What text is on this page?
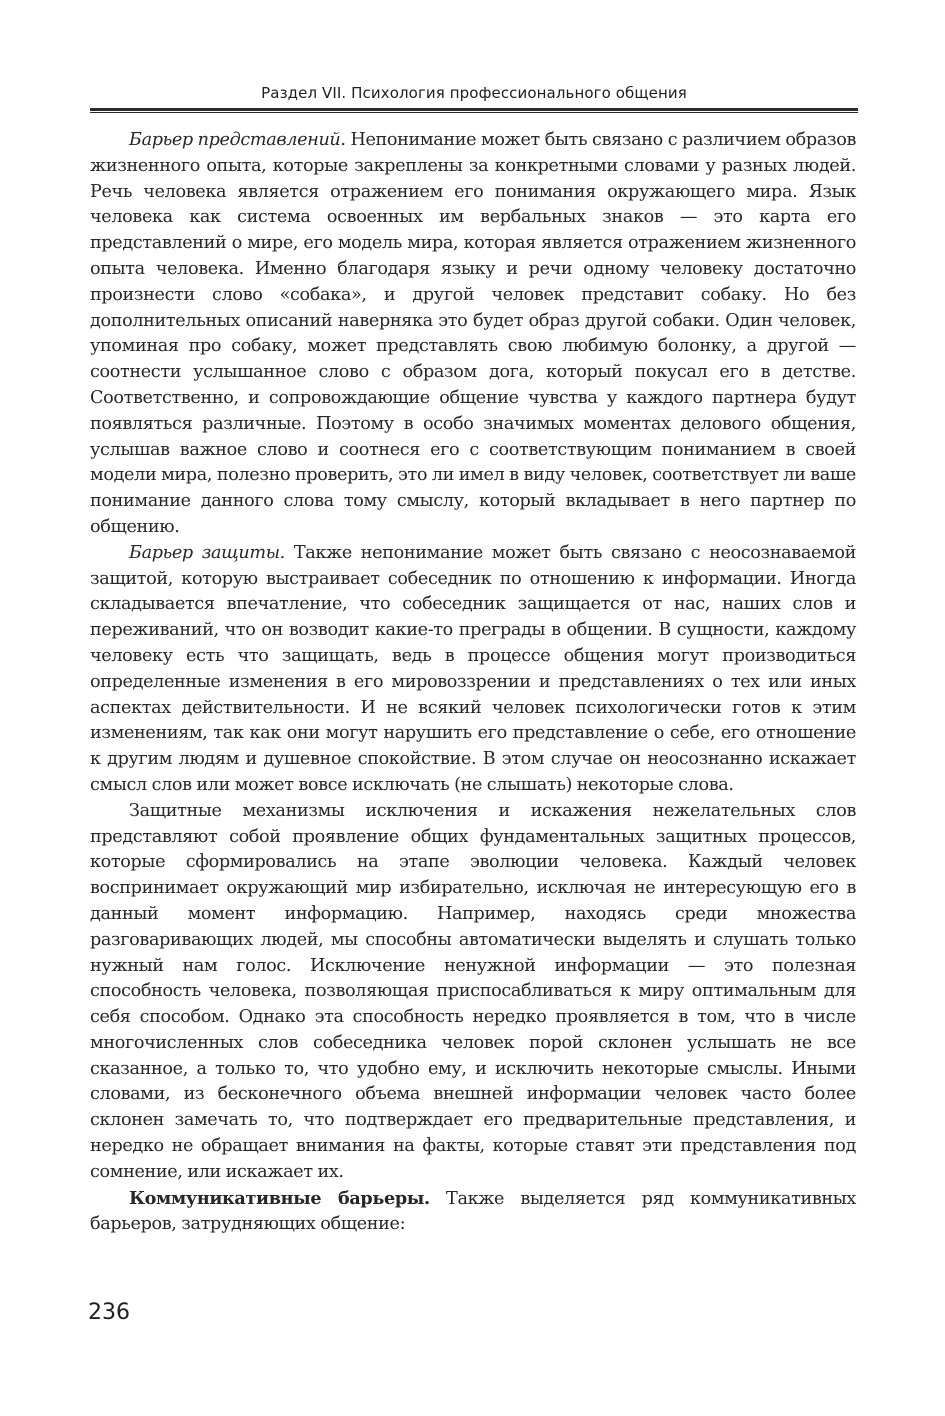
Раздел VII. Психология профессионального общения

Барьер представлений. Непонимание может быть связано с различием образов жизненного опыта, которые закреплены за конкретными словами у разных людей. Речь человека является отражением его понимания окружающего мира. Язык человека как система освоенных им вербальных знаков — это карта его представлений о мире, его модель мира, которая является отражением жизненного опыта человека. Именно благодаря языку и речи одному человеку достаточно произнести слово «собака», и другой человек представит собаку. Но без дополнительных описаний наверняка это будет образ другой собаки. Один человек, упоминая про собаку, может представлять свою любимую болонку, а другой — соотнести услышанное слово с образом дога, который покусал его в детстве. Соответственно, и сопровождающие общение чувства у каждого партнера будут появляться различные. Поэтому в особо значимых моментах делового общения, услышав важное слово и соотнеся его с соответствующим пониманием в своей модели мира, полезно проверить, это ли имел в виду человек, соответствует ли ваше понимание данного слова тому смыслу, который вкладывает в него партнер по общению.

Барьер защиты. Также непонимание может быть связано с неосознаваемой защитой, которую выстраивает собеседник по отношению к информации. Иногда складывается впечатление, что собеседник защищается от нас, наших слов и переживаний, что он возводит какие-то преграды в общении. В сущности, каждому человеку есть что защищать, ведь в процессе общения могут производиться определенные изменения в его мировоззрении и представлениях о тех или иных аспектах действительности. И не всякий человек психологически готов к этим изменениям, так как они могут нарушить его представление о себе, его отношение к другим людям и душевное спокойствие. В этом случае он неосознанно искажает смысл слов или может вовсе исключать (не слышать) некоторые слова.

Защитные механизмы исключения и искажения нежелательных слов представляют собой проявление общих фундаментальных защитных процессов, которые сформировались на этапе эволюции человека. Каждый человек воспринимает окружающий мир избирательно, исключая не интересующую его в данный момент информацию. Например, находясь среди множества разговаривающих людей, мы способны автоматически выделять и слушать только нужный нам голос. Исключение ненужной информации — это полезная способность человека, позволяющая приспосабливаться к миру оптимальным для себя способом. Однако эта способность нередко проявляется в том, что в числе многочисленных слов собеседника человек порой склонен услышать не все сказанное, а только то, что удобно ему, и исключить некоторые смыслы. Иными словами, из бесконечного объема внешней информации человек часто более склонен замечать то, что подтверждает его предварительные представления, и нередко не обращает внимания на факты, которые ставят эти представления под сомнение, или искажает их.

Коммуникативные барьеры. Также выделяется ряд коммуникативных барьеров, затрудняющих общение:

236
